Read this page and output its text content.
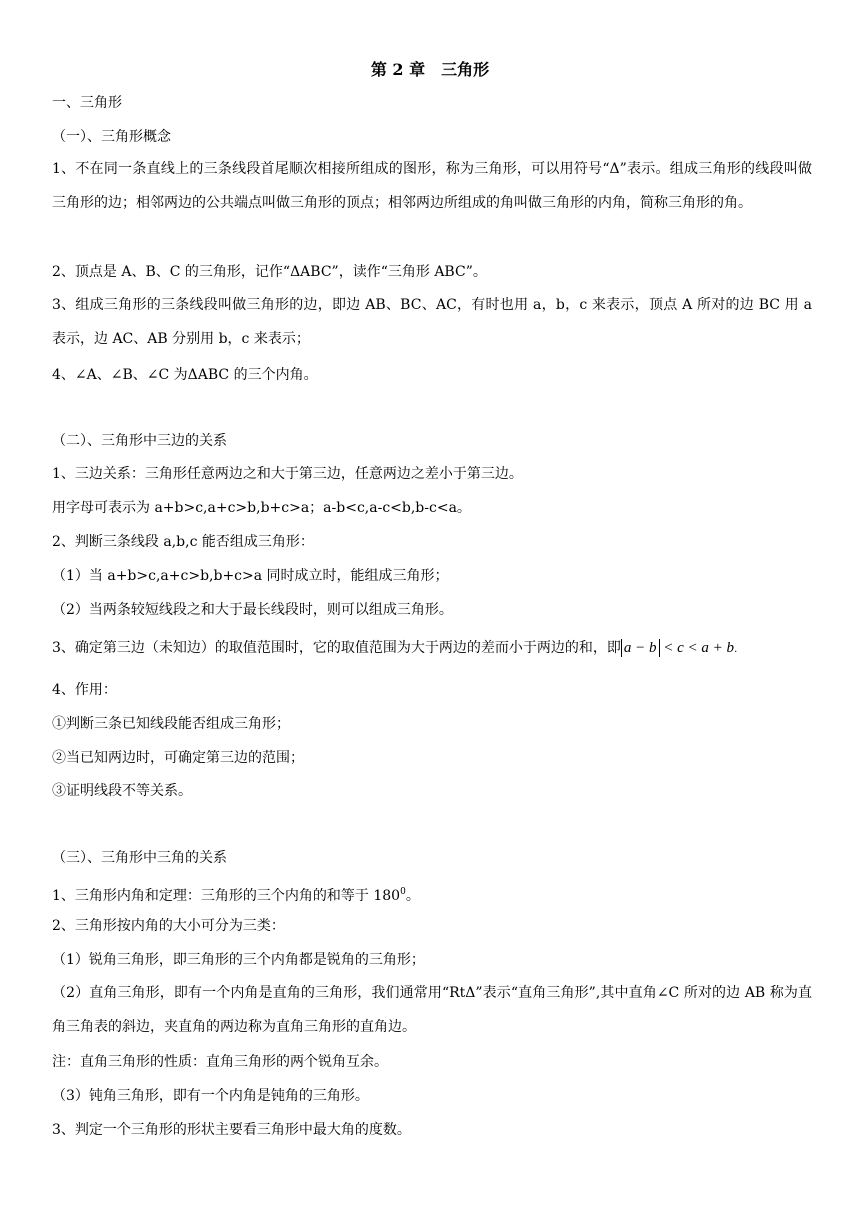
第 2 章　三角形
一、三角形
（一）、三角形概念
1、不在同一条直线上的三条线段首尾顺次相接所组成的图形，称为三角形，可以用符号“Δ”表示。组成三角形的线段叫做三角形的边；相邻两边的公共端点叫做三角形的顶点；相邻两边所组成的角叫做三角形的内角，简称三角形的角。
2、顶点是 A、B、C 的三角形，记作“ΔABC”，读作“三角形 ABC”。
3、组成三角形的三条线段叫做三角形的边，即边 AB、BC、AC，有时也用 a，b，c 来表示，顶点 A 所对的边 BC 用 a 表示，边 AC、AB 分别用 b，c 来表示；
4、∠A、∠B、∠C 为ΔABC 的三个内角。
（二）、三角形中三边的关系
1、三边关系：三角形任意两边之和大于第三边，任意两边之差小于第三边。
用字母可表示为 a+b>c,a+c>b,b+c>a；a-b<c,a-c<b,b-c<a。
2、判断三条线段 a,b,c 能否组成三角形：
（1）当 a+b>c,a+c>b,b+c>a 同时成立时，能组成三角形；
（2）当两条较短线段之和大于最长线段时，则可以组成三角形。
3、确定第三边（未知边）的取值范围时，它的取值范围为大于两边的差而小于两边的和，即 a − b < c < a + b.
4、作用：
①判断三条已知线段能否组成三角形；
②当已知两边时，可确定第三边的范围；
③证明线段不等关系。
（三）、三角形中三角的关系
1、三角形内角和定理：三角形的三个内角的和等于 $180^0$。
2、三角形按内角的大小可分为三类：
（1）锐角三角形，即三角形的三个内角都是锐角的三角形；
（2）直角三角形，即有一个内角是直角的三角形，我们通常用“RtΔ”表示“直角三角形”,其中直角∠C 所对的边 AB 称为直角三角表的斜边，夹直角的两边称为直角三角形的直角边。
注：直角三角形的性质：直角三角形的两个锐角互余。
（3）钝角三角形，即有一个内角是钝角的三角形。
3、判定一个三角形的形状主要看三角形中最大角的度数。
